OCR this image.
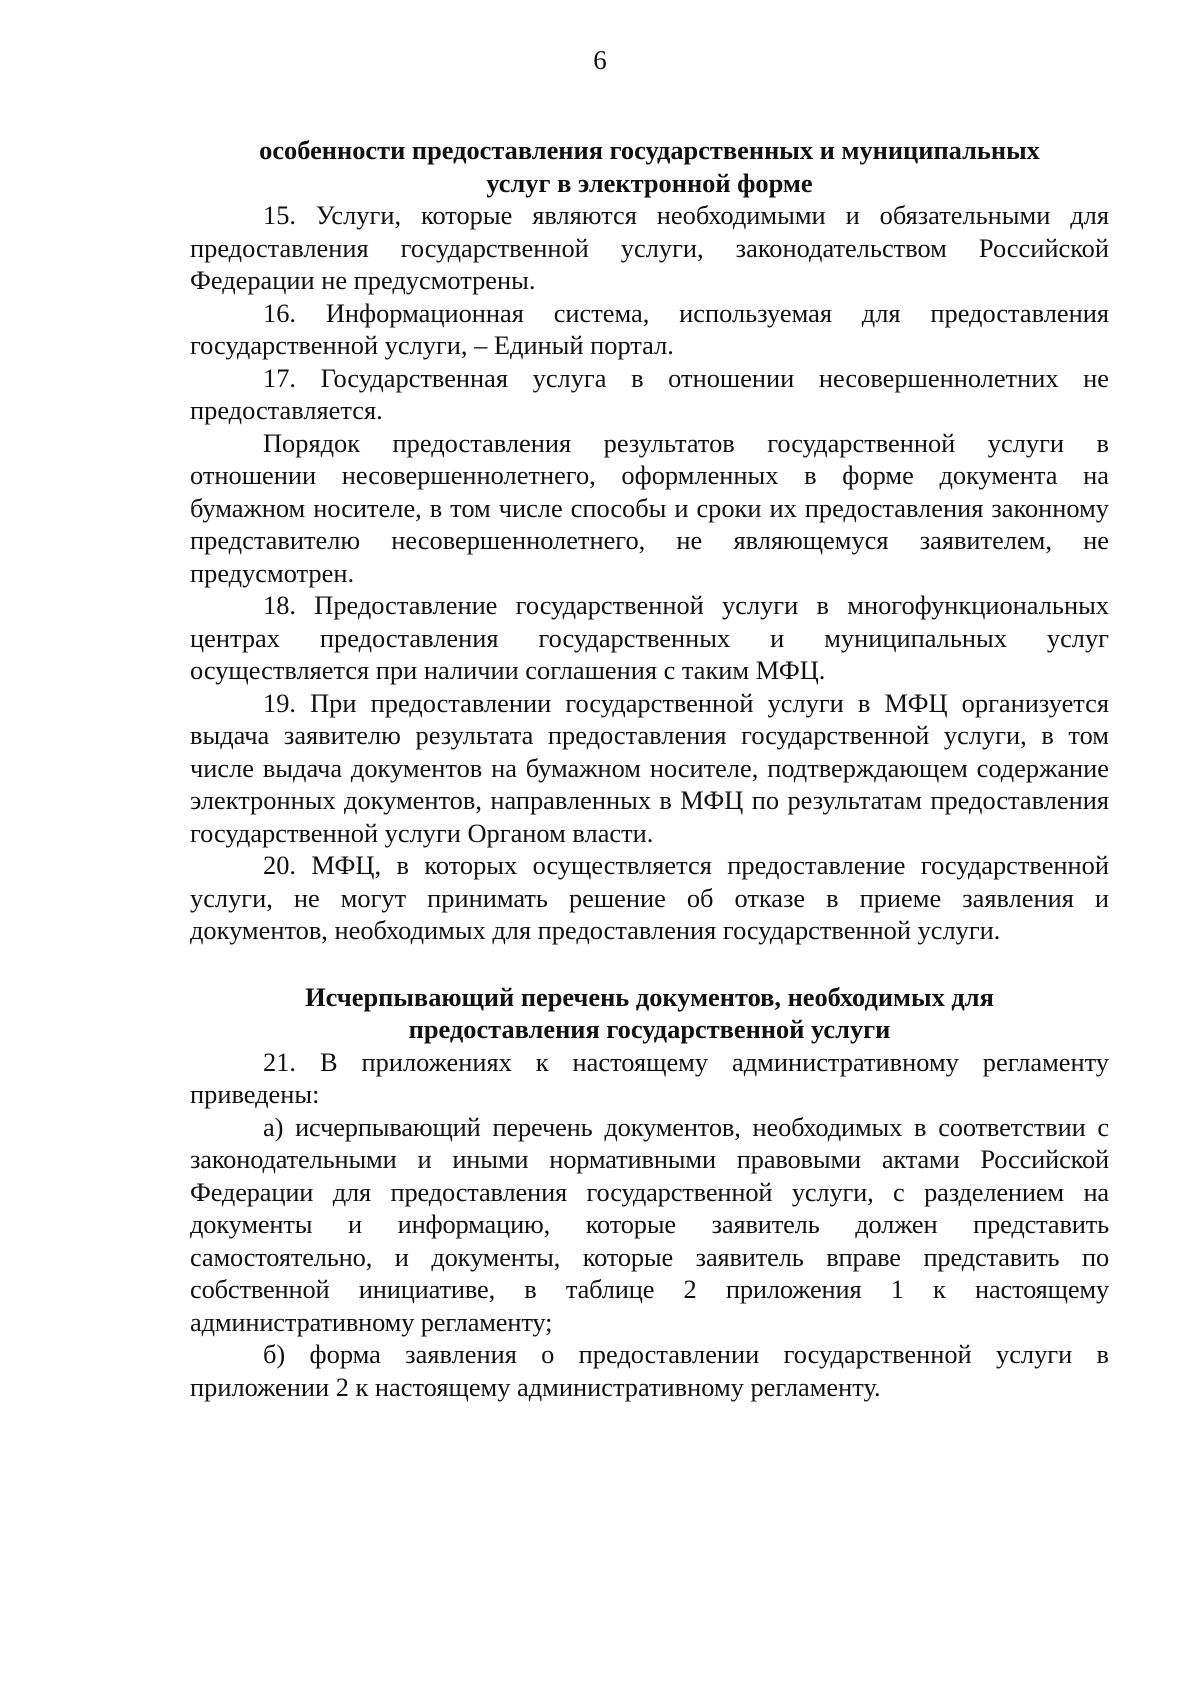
6
особенности предоставления государственных и муниципальных
услуг в электронной форме

15. Услуги, которые являются необходимыми и обязательными для предоставления государственной услуги, законодательством Российской Федерации не предусмотрены.

16. Информационная система, используемая для предоставления государственной услуги, – Единый портал.

17. Государственная услуга в отношении несовершеннолетних не предоставляется.

Порядок предоставления результатов государственной услуги в отношении несовершеннолетнего, оформленных в форме документа на бумажном носителе, в том числе способы и сроки их предоставления законному представителю несовершеннолетнего, не являющемуся заявителем, не предусмотрен.

18. Предоставление государственной услуги в многофункциональных центрах предоставления государственных и муниципальных услуг осуществляется при наличии соглашения с таким МФЦ.

19. При предоставлении государственной услуги в МФЦ организуется выдача заявителю результата предоставления государственной услуги, в том числе выдача документов на бумажном носителе, подтверждающем содержание электронных документов, направленных в МФЦ по результатам предоставления государственной услуги Органом власти.

20. МФЦ, в которых осуществляется предоставление государственной услуги, не могут принимать решение об отказе в приеме заявления и документов, необходимых для предоставления государственной услуги.

Исчерпывающий перечень документов, необходимых для
предоставления государственной услуги

21. В приложениях к настоящему административному регламенту приведены:

а) исчерпывающий перечень документов, необходимых в соответствии с законодательными и иными нормативными правовыми актами Российской Федерации для предоставления государственной услуги, с разделением на документы и информацию, которые заявитель должен представить самостоятельно, и документы, которые заявитель вправе представить по собственной инициативе, в таблице 2 приложения 1 к настоящему административному регламенту;

б) форма заявления о предоставлении государственной услуги в приложении 2 к настоящему административному регламенту.
